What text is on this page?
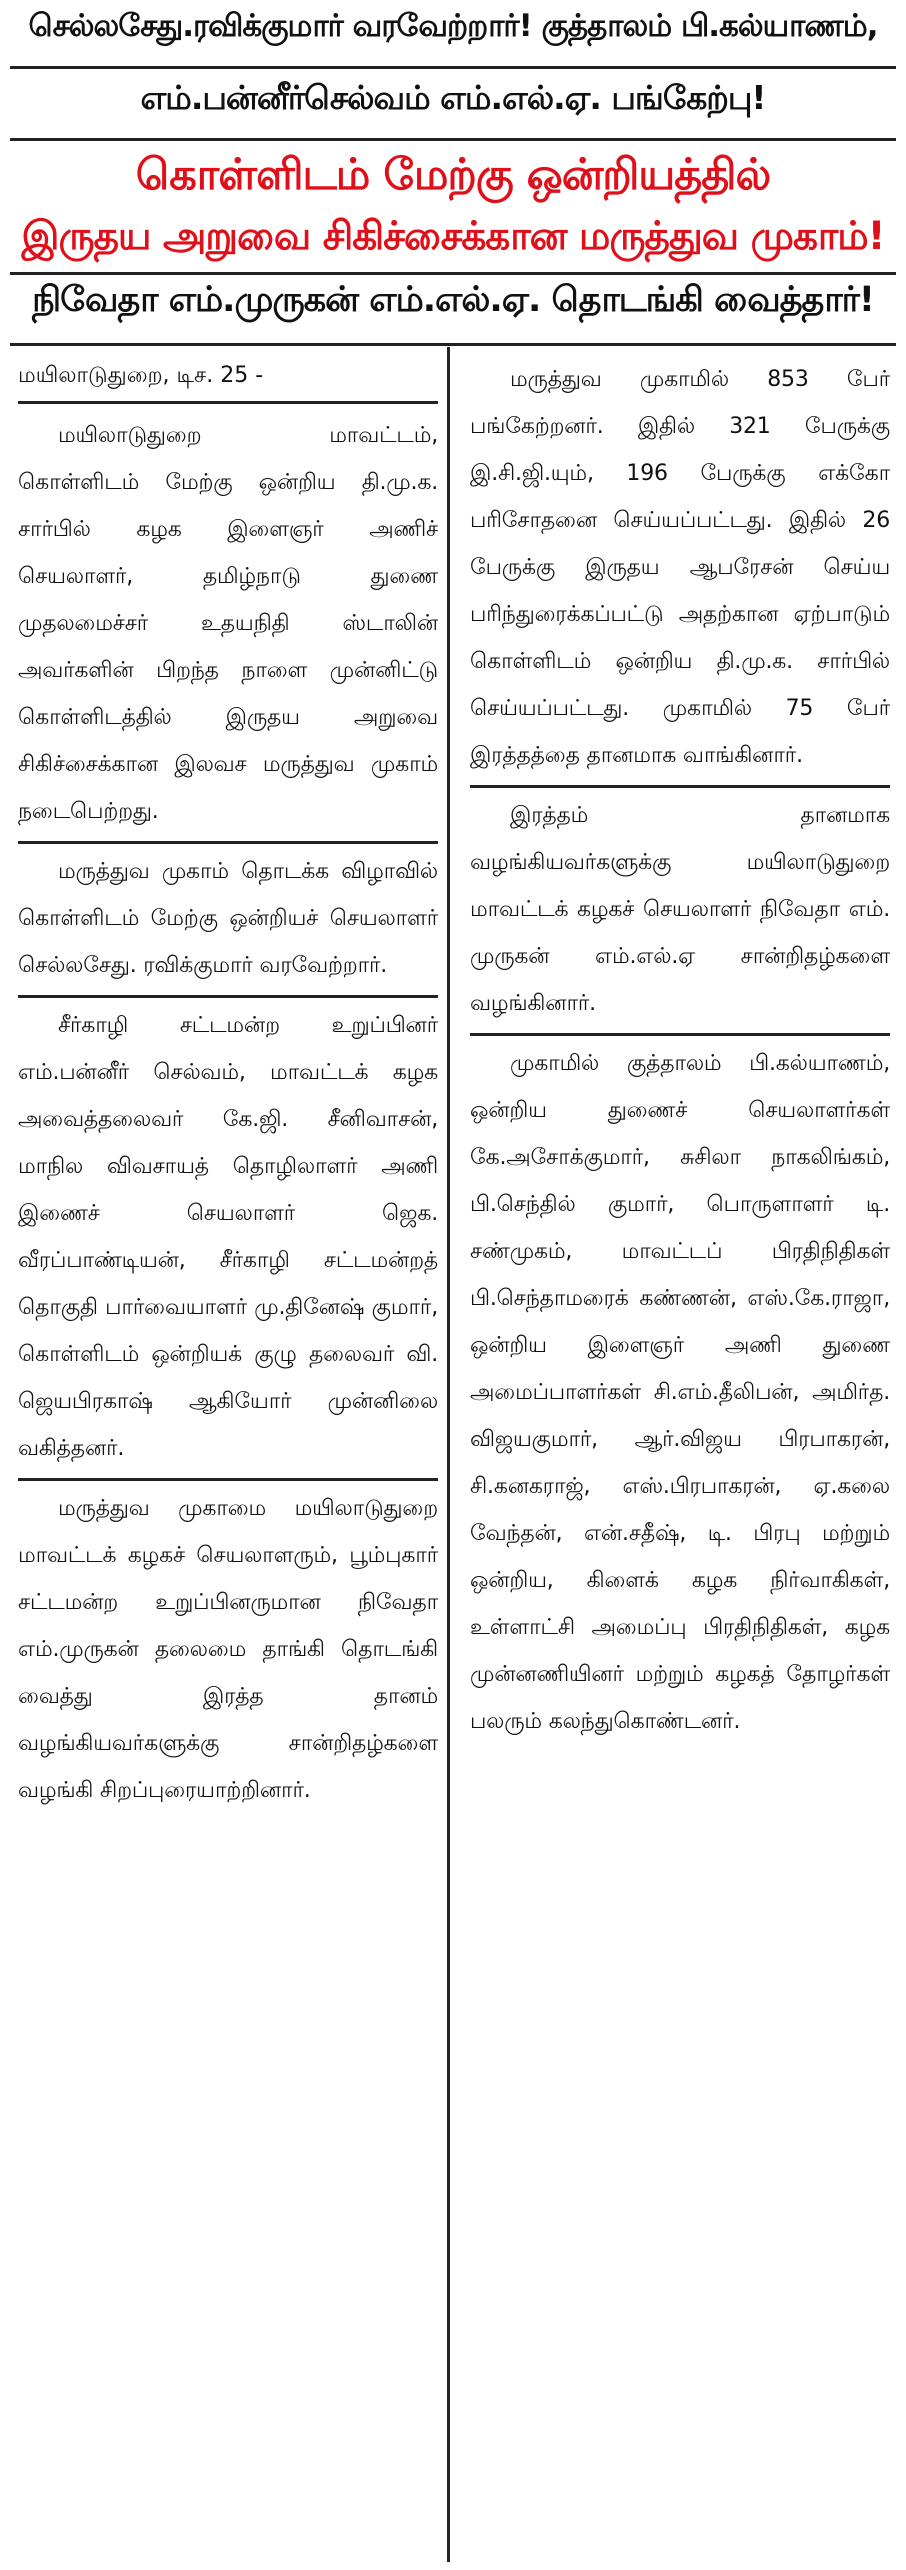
செல்லசேது.ரவிக்குமார் வரவேற்றார்! குத்தாலம் பி.கல்யாணம்,
எம்.பன்னீர்செல்வம் எம்.எல்.ஏ. பங்கேற்பு!
கொள்ளிடம் மேற்கு ஒன்றியத்தில்
இருதய அறுவை சிகிச்சைக்கான மருத்துவ முகாம்!
நிவேதா எம்.முருகன் எம்.எல்.ஏ. தொடங்கி வைத்தார்!
மயிலாடுதுறை, டிச. 25 -

மயிலாடுதுறை மாவட்டம், கொள்ளிடம் மேற்கு ஒன்றிய தி.மு.க. சார்பில் கழக இளைஞர் அணிச் செயலாளர், தமிழ்நாடு துணை முதலமைச்சர் உதயநிதி ஸ்டாலின் அவர்களின் பிறந்த நாளை முன்னிட்டு கொள்ளிடத்தில் இருதய அறுவை சிகிச்சைக்கான இலவச மருத்துவ முகாம் நடைபெற்றது.

மருத்துவ முகாம் தொடக்க விழாவில் கொள்ளிடம் மேற்கு ஒன்றியச் செயலாளர் செல்லசேது. ரவிக்குமார் வரவேற்றார்.

சீர்காழி சட்டமன்ற உறுப்பினர் எம்.பன்னீர் செல்வம், மாவட்டக் கழக அவைத்தலைவர் கே.ஜி. சீனிவாசன், மாநில விவசாயத் தொழிலாளர் அணி இணைச் செயலாளர் ஜெக. வீரப்பாண்டியன், சீர்காழி சட்டமன்றத் தொகுதி பார்வையாளர் மு.தினேஷ் குமார், கொள்ளிடம் ஒன்றியக் குழு தலைவர் வி. ஜெயபிரகாஷ் ஆகியோர் முன்னிலை வகித்தனர்.

மருத்துவ முகாமை மயிலாடுதுறை மாவட்டக் கழகச் செயலாளரும், பூம்புகார் சட்டமன்ற உறுப்பினருமான நிவேதா எம்.முருகன் தலைமை தாங்கி தொடங்கி வைத்து இரத்த தானம் வழங்கியவர்களுக்கு சான்றிதழ்களை வழங்கி சிறப்புரையாற்றினார்.

மருத்துவ முகாமில் 853 பேர் பங்கேற்றனர். இதில் 321 பேருக்கு இ.சி.ஜி.யும், 196 பேருக்கு எக்கோ பரிசோதனை செய்யப்பட்டது. இதில் 26 பேருக்கு இருதய ஆபரேசன் செய்ய பரிந்துரைக்கப்பட்டு அதற்கான ஏற்பாடும் கொள்ளிடம் ஒன்றிய தி.மு.க. சார்பில் செய்யப்பட்டது. முகாமில் 75 பேர் இரத்தத்தை தானமாக வாங்கினார்.

இரத்தம் தானமாக வழங்கியவர்களுக்கு மயிலாடுதுறை மாவட்டக் கழகச் செயலாளர் நிவேதா எம். முருகன் எம்.எல்.ஏ சான்றிதழ்களை வழங்கினார்.

முகாமில் குத்தாலம் பி.கல்யாணம், ஒன்றிய துணைச் செயலாளர்கள் கே.அசோக்குமார், சுசிலா நாகலிங்கம், பி.செந்தில் குமார், பொருளாளர் டி. சண்முகம், மாவட்டப் பிரதிநிதிகள் பி.செந்தாமரைக் கண்ணன், எஸ்.கே.ராஜா, ஒன்றிய இளைஞர் அணி துணை அமைப்பாளர்கள் சி.எம்.தீலிபன், அமிர்த. விஜயகுமார், ஆர்.விஜய பிரபாகரன், சி.கனகராஜ், எஸ்.பிரபாகரன், ஏ.கலை வேந்தன், என்.சதீஷ், டி. பிரபு மற்றும் ஒன்றிய, கிளைக் கழக நிர்வாகிகள், உள்ளாட்சி அமைப்பு பிரதிநிதிகள், கழக முன்னணியினர் மற்றும் கழகத் தோழர்கள் பலரும் கலந்துகொண்டனர்.
